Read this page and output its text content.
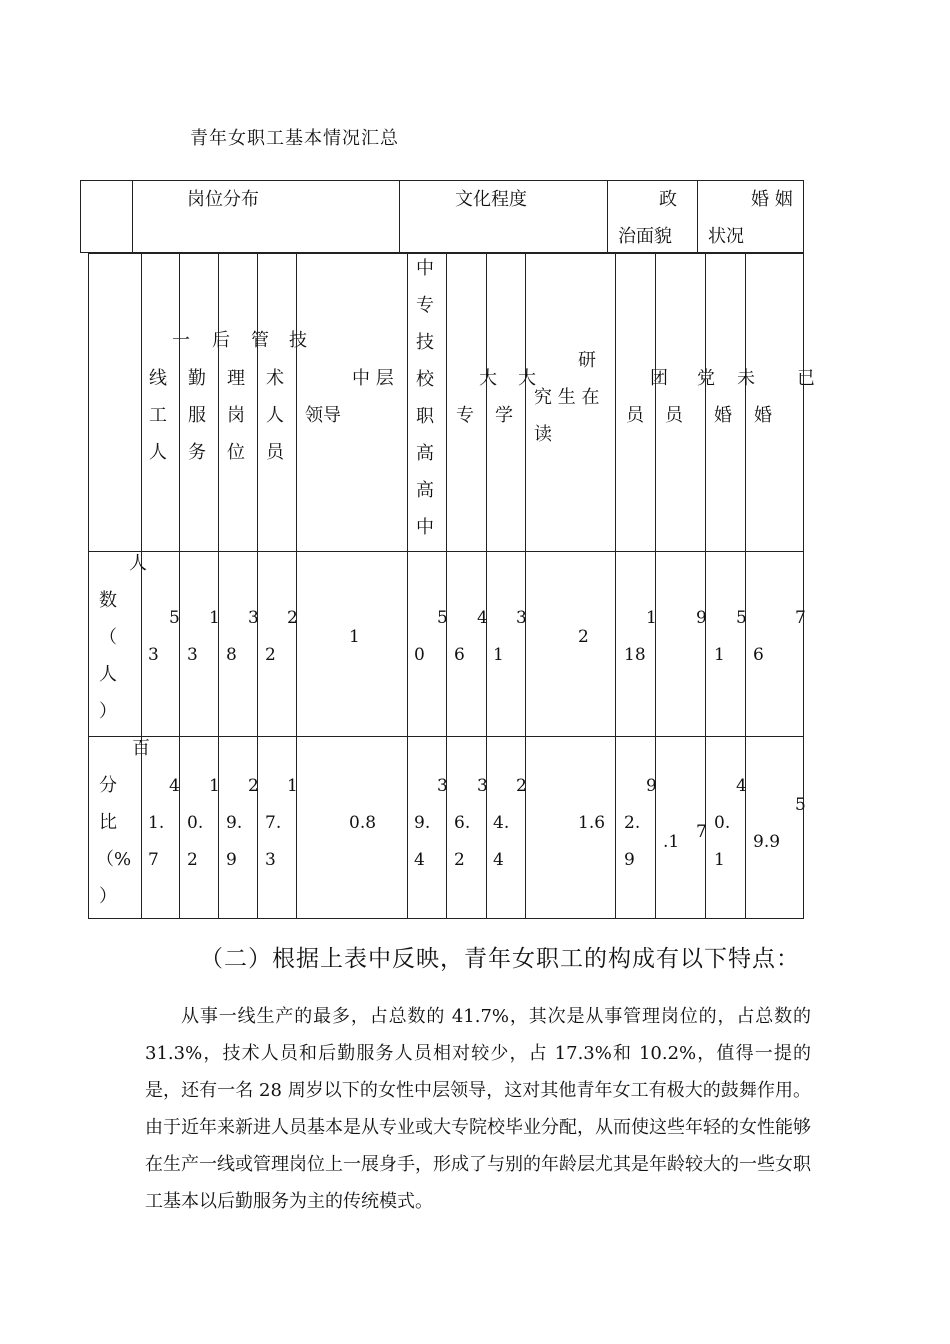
青年女职工基本情况汇总
岗位分布	文化程度	政
治面貌
婚 姻
状况
一
线
工
人
后
勤
服
务
管
理
岗
位
技
术
人
员
中 层
领导
中
专
技
校
职
高
高
中
大
专
大
学
研
究 生 在
读
团
员
党
员
未
婚
已
婚
人
数
（
人
）
百
分
比
（%
）
5
3
1
3
3
8
2
2
1
5
0
4
6
3
1
2
1
18
9 5
1
7
6
4
1.
7
1
0.
2
2
9.
9
1
7.
3
0.8
3
9.
4
3
6.
2
2
4.
4
1.6
9
2.
9
7
.1
4
0.
1
5
9.9
（二）根据上表中反映，青年女职工的构成有以下特点：
从事一线生产的最多，占总数的 41.7%，其次是从事管理岗位的，占总数的 31.3%，技术人员和后勤服务人员相对较少，占 17.3%和 10.2%，值得一提的是，还有一名 28 周岁以下的女性中层领导，这对其他青年女工有极大的鼓舞作用。由于近年来新进人员基本是从专业或大专院校毕业分配，从而使这些年轻的女性能够在生产一线或管理岗位上一展身手，形成了与别的年龄层尤其是年龄较大的一些女职工基本以后勤服务为主的传统模式。
